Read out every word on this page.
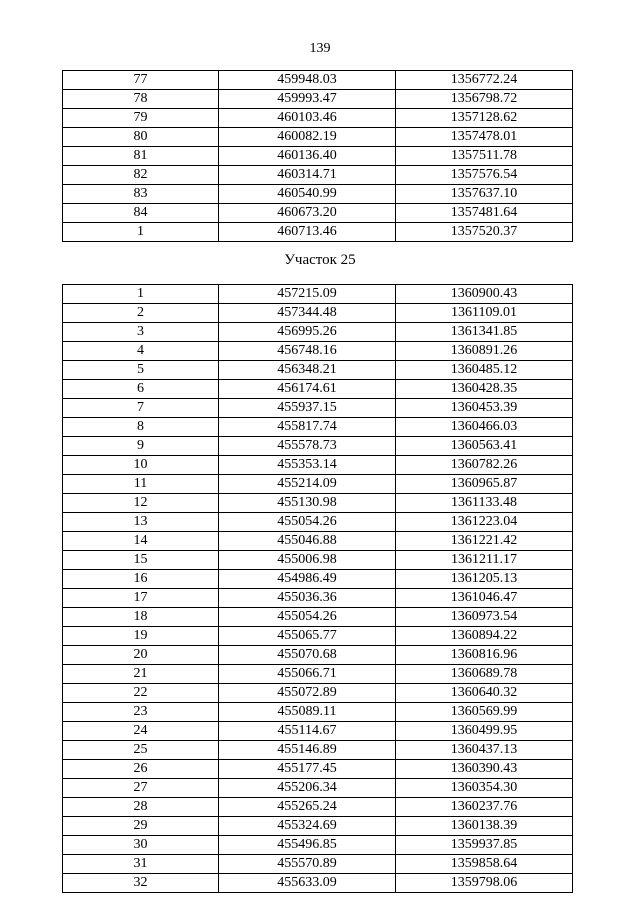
139
77	459948.03	1356772.24
78	459993.47	1356798.72
79	460103.46	1357128.62
80	460082.19	1357478.01
81	460136.40	1357511.78
82	460314.71	1357576.54
83	460540.99	1357637.10
84	460673.20	1357481.64
1	460713.46	1357520.37
Участок 25
1	457215.09	1360900.43
2	457344.48	1361109.01
3	456995.26	1361341.85
4	456748.16	1360891.26
5	456348.21	1360485.12
6	456174.61	1360428.35
7	455937.15	1360453.39
8	455817.74	1360466.03
9	455578.73	1360563.41
10	455353.14	1360782.26
11	455214.09	1360965.87
12	455130.98	1361133.48
13	455054.26	1361223.04
14	455046.88	1361221.42
15	455006.98	1361211.17
16	454986.49	1361205.13
17	455036.36	1361046.47
18	455054.26	1360973.54
19	455065.77	1360894.22
20	455070.68	1360816.96
21	455066.71	1360689.78
22	455072.89	1360640.32
23	455089.11	1360569.99
24	455114.67	1360499.95
25	455146.89	1360437.13
26	455177.45	1360390.43
27	455206.34	1360354.30
28	455265.24	1360237.76
29	455324.69	1360138.39
30	455496.85	1359937.85
31	455570.89	1359858.64
32	455633.09	1359798.06
